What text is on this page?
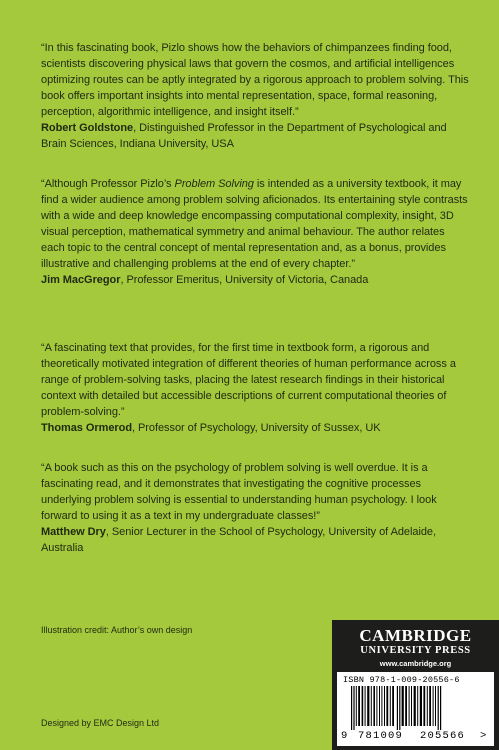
“In this fascinating book, Pizlo shows how the behaviors of chimpanzees finding food, scientists discovering physical laws that govern the cosmos, and artificial intelligences optimizing routes can be aptly integrated by a rigorous approach to problem solving. This book offers important insights into mental representation, space, formal reasoning, perception, algorithmic intelligence, and insight itself.”

Robert Goldstone, Distinguished Professor in the Department of Psychological and Brain Sciences, Indiana University, USA

“Although Professor Pizlo’s Problem Solving is intended as a university textbook, it may find a wider audience among problem solving aficionados. Its entertaining style contrasts with a wide and deep knowledge encompassing computational complexity, insight, 3D visual perception, mathematical symmetry and animal behaviour. The author relates each topic to the central concept of mental representation and, as a bonus, provides illustrative and challenging problems at the end of every chapter.”

Jim MacGregor, Professor Emeritus, University of Victoria, Canada

“A fascinating text that provides, for the first time in textbook form, a rigorous and theoretically motivated integration of different theories of human performance across a range of problem-solving tasks, placing the latest research findings in their historical context with detailed but accessible descriptions of current computational theories of problem-solving.”

Thomas Ormerod, Professor of Psychology, University of Sussex, UK

“A book such as this on the psychology of problem solving is well overdue. It is a fascinating read, and it demonstrates that investigating the cognitive processes underlying problem solving is essential to understanding human psychology. I look forward to using it as a text in my undergraduate classes!”

Matthew Dry, Senior Lecturer in the School of Psychology, University of Adelaide, Australia

Illustration credit: Author’s own design
Designed by EMC Design Ltd
CAMBRIDGE
UNIVERSITY PRESS
www.cambridge.org
ISBN 978-1-009-20556-6
9 781009 205566 >
